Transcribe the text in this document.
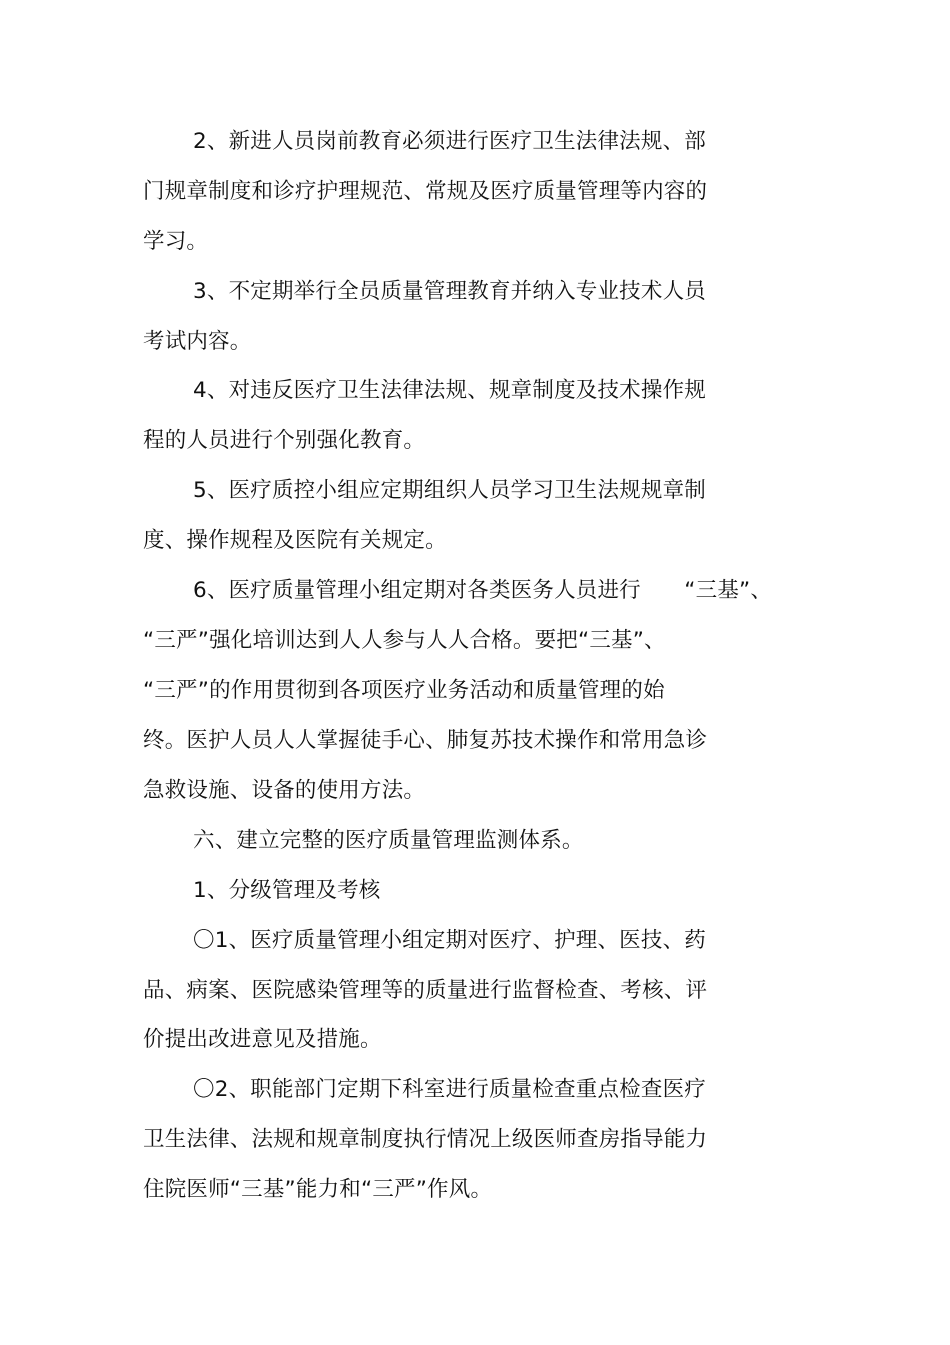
2、新进人员岗前教育必须进行医疗卫生法律法规、部
门规章制度和诊疗护理规范、常规及医疗质量管理等内容的
学习。
3、不定期举行全员质量管理教育并纳入专业技术人员
考试内容。
4、对违反医疗卫生法律法规、规章制度及技术操作规
程的人员进行个别强化教育。
5、医疗质控小组应定期组织人员学习卫生法规规章制
度、操作规程及医院有关规定。
6、医疗质量管理小组定期对各类医务人员进行　　“三基”、
“三严”强化培训达到人人参与人人合格。要把“三基”、
“三严”的作用贯彻到各项医疗业务活动和质量管理的始
终。医护人员人人掌握徒手心、肺复苏技术操作和常用急诊
急救设施、设备的使用方法。
六、建立完整的医疗质量管理监测体系。
1、分级管理及考核
〇1、医疗质量管理小组定期对医疗、护理、医技、药
品、病案、医院感染管理等的质量进行监督检查、考核、评
价提出改进意见及措施。
〇2、职能部门定期下科室进行质量检查重点检查医疗
卫生法律、法规和规章制度执行情况上级医师查房指导能力
住院医师“三基”能力和“三严”作风。
